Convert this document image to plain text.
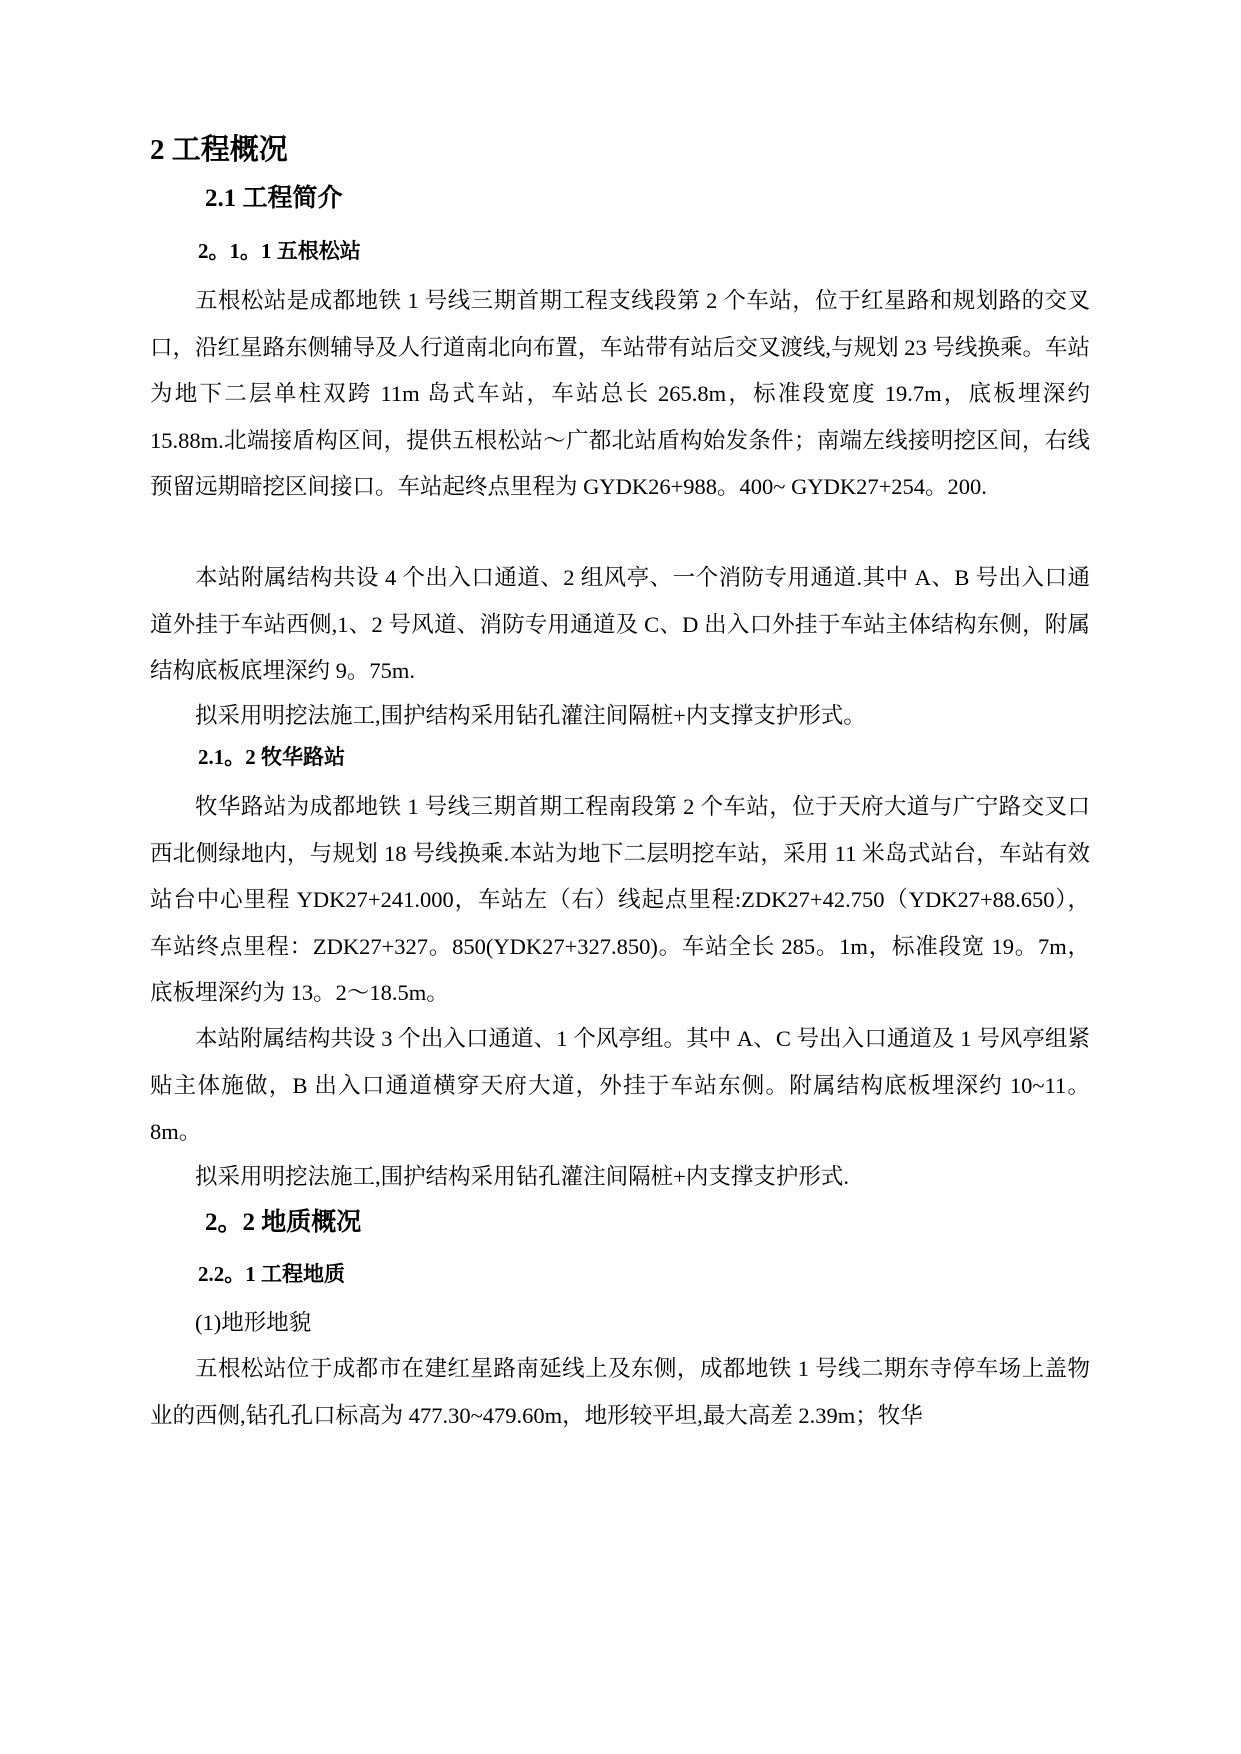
2 工程概况
2.1 工程简介
2。1。1 五根松站

五根松站是成都地铁 1 号线三期首期工程支线段第 2 个车站，位于红星路和规划路的交叉口，沿红星路东侧辅导及人行道南北向布置，车站带有站后交叉渡线,与规划 23 号线换乘。车站为地下二层单柱双跨 11m 岛式车站，车站总长 265.8m，标准段宽度 19.7m，底板埋深约 15.88m.北端接盾构区间，提供五根松站～广都北站盾构始发条件；南端左线接明挖区间，右线预留远期暗挖区间接口。车站起终点里程为 GYDK26+988。400~ GYDK27+254。200.

本站附属结构共设 4 个出入口通道、2 组风亭、一个消防专用通道.其中 A、B 号出入口通道外挂于车站西侧,1、2 号风道、消防专用通道及 C、D 出入口外挂于车站主体结构东侧，附属结构底板底埋深约 9。75m.

拟采用明挖法施工,围护结构采用钻孔灌注间隔桩+内支撑支护形式。

2.1。2 牧华路站

牧华路站为成都地铁 1 号线三期首期工程南段第 2 个车站，位于天府大道与广宁路交叉口西北侧绿地内，与规划 18 号线换乘.本站为地下二层明挖车站，采用 11 米岛式站台，车站有效站台中心里程 YDK27+241.000，车站左（右）线起点里程:ZDK27+42.750（YDK27+88.650），车站终点里程：ZDK27+327。850(YDK27+327.850)。车站全长 285。1m，标准段宽 19。7m，底板埋深约为 13。2～18.5m。

本站附属结构共设 3 个出入口通道、1 个风亭组。其中 A、C 号出入口通道及 1 号风亭组紧贴主体施做，B 出入口通道横穿天府大道，外挂于车站东侧。附属结构底板埋深约 10~11。8m。

拟采用明挖法施工,围护结构采用钻孔灌注间隔桩+内支撑支护形式.

2。2 地质概况
2.2。1 工程地质

(1)地形地貌

五根松站位于成都市在建红星路南延线上及东侧，成都地铁 1 号线二期东寺停车场上盖物业的西侧,钻孔孔口标高为 477.30~479.60m，地形较平坦,最大高差 2.39m；牧华
